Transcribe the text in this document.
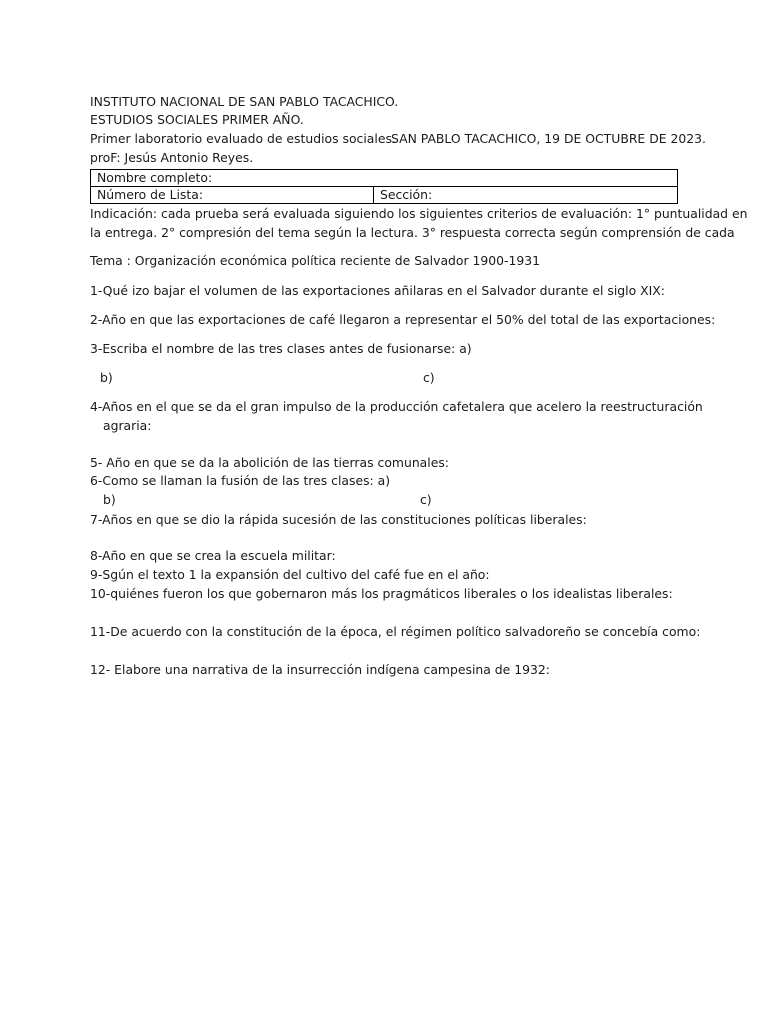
INSTITUTO NACIONAL DE SAN PABLO TACACHICO.
ESTUDIOS SOCIALES PRIMER AÑO.
Primer laboratorio evaluado de estudios sociales.
SAN PABLO TACACHICO, 19 DE OCTUBRE DE 2023.
proF: Jesús Antonio Reyes.
Nombre completo:
Número de Lista:	Sección:
Indicación: cada prueba será evaluada siguiendo los siguientes criterios de evaluación: 1° puntualidad en
la entrega. 2° compresión del tema según la lectura. 3° respuesta correcta según comprensión de cada
Tema : Organización económica política reciente de Salvador 1900-1931
1-Qué izo bajar el volumen de las exportaciones añilaras en el Salvador durante el siglo XIX:
2-Año en que las exportaciones de café llegaron a representar el 50% del total de las exportaciones:
3-Escriba el nombre de las tres clases antes de fusionarse: a)
b)	c)
4-Años en el que se da el gran impulso de la producción cafetalera que acelero la reestructuración
agraria:
5- Año en que se da la abolición de las tierras comunales:
6-Como se llaman la fusión de las tres clases: a)
b)	c)
7-Años en que se dio la rápida sucesión de las constituciones políticas liberales:
8-Año en que se crea la escuela militar:
9-Sgún el texto 1 la expansión del cultivo del café fue en el año:
10-quiénes fueron los que gobernaron más los pragmáticos liberales o los idealistas liberales:
11-De acuerdo con la constitución de la época, el régimen político salvadoreño se concebía como:
12- Elabore una narrativa de la insurrección indígena campesina de 1932:
